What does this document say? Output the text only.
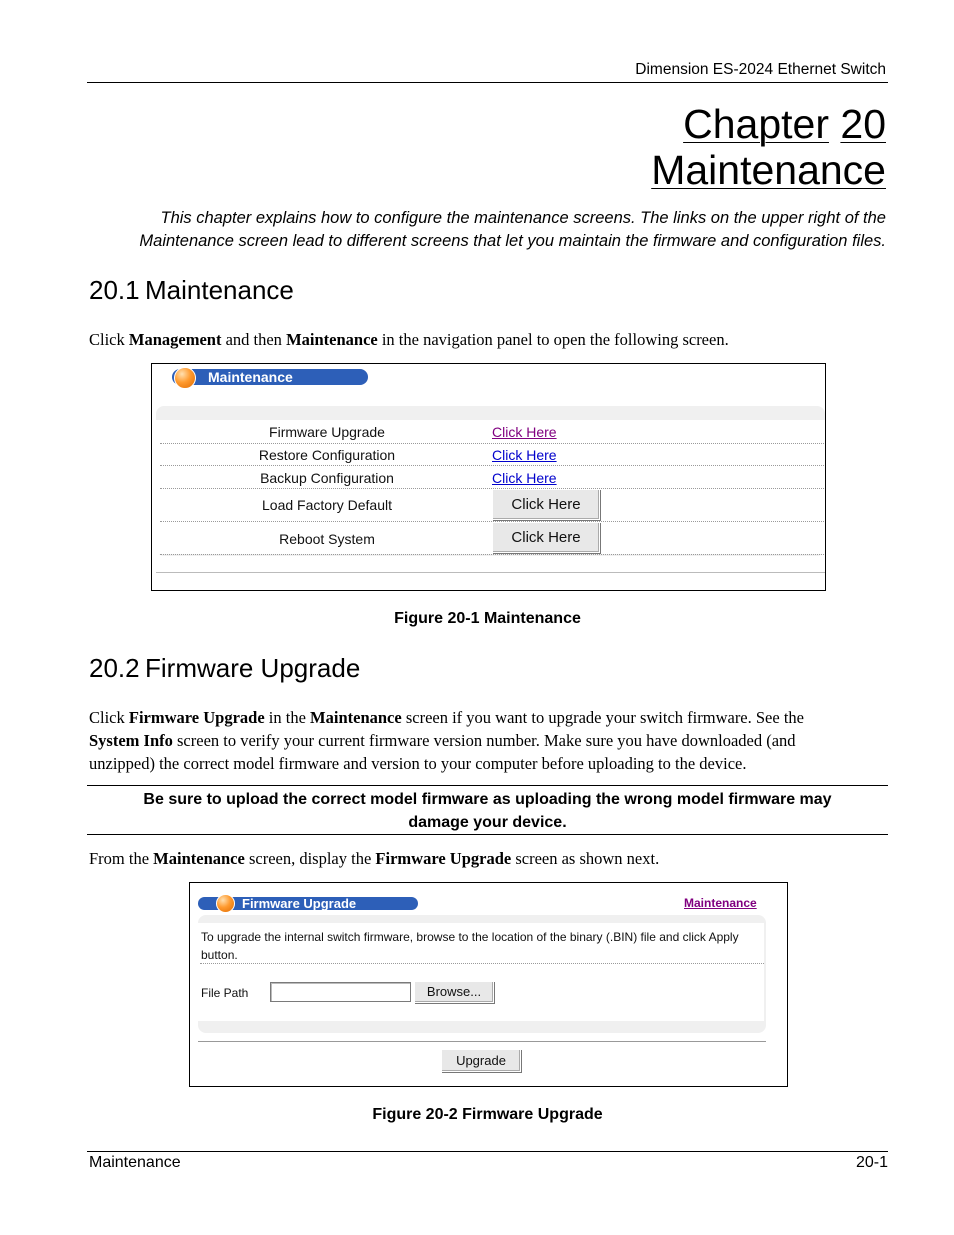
Dimension ES-2024 Ethernet Switch
Chapter 20
Maintenance
This chapter explains how to configure the maintenance screens. The links on the upper right of the
Maintenance screen lead to different screens that let you maintain the firmware and configuration files.
20.1 Maintenance
Click Management and then Maintenance in the navigation panel to open the following screen.
Maintenance
Firmware Upgrade	Click Here
Restore Configuration	Click Here
Backup Configuration	Click Here
Load Factory Default	Click Here
Reboot System	Click Here
Figure 20-1 Maintenance
20.2 Firmware Upgrade
Click Firmware Upgrade in the Maintenance screen if you want to upgrade your switch firmware. See the
System Info screen to verify your current firmware version number. Make sure you have downloaded (and
unzipped) the correct model firmware and version to your computer before uploading to the device.
Be sure to upload the correct model firmware as uploading the wrong model firmware may
damage your device.
From the Maintenance screen, display the Firmware Upgrade screen as shown next.
Firmware Upgrade	Maintenance
To upgrade the internal switch firmware, browse to the location of the binary (.BIN) file and click Apply
button.
File Path	Browse...
Upgrade
Figure 20-2 Firmware Upgrade
Maintenance	20-1
